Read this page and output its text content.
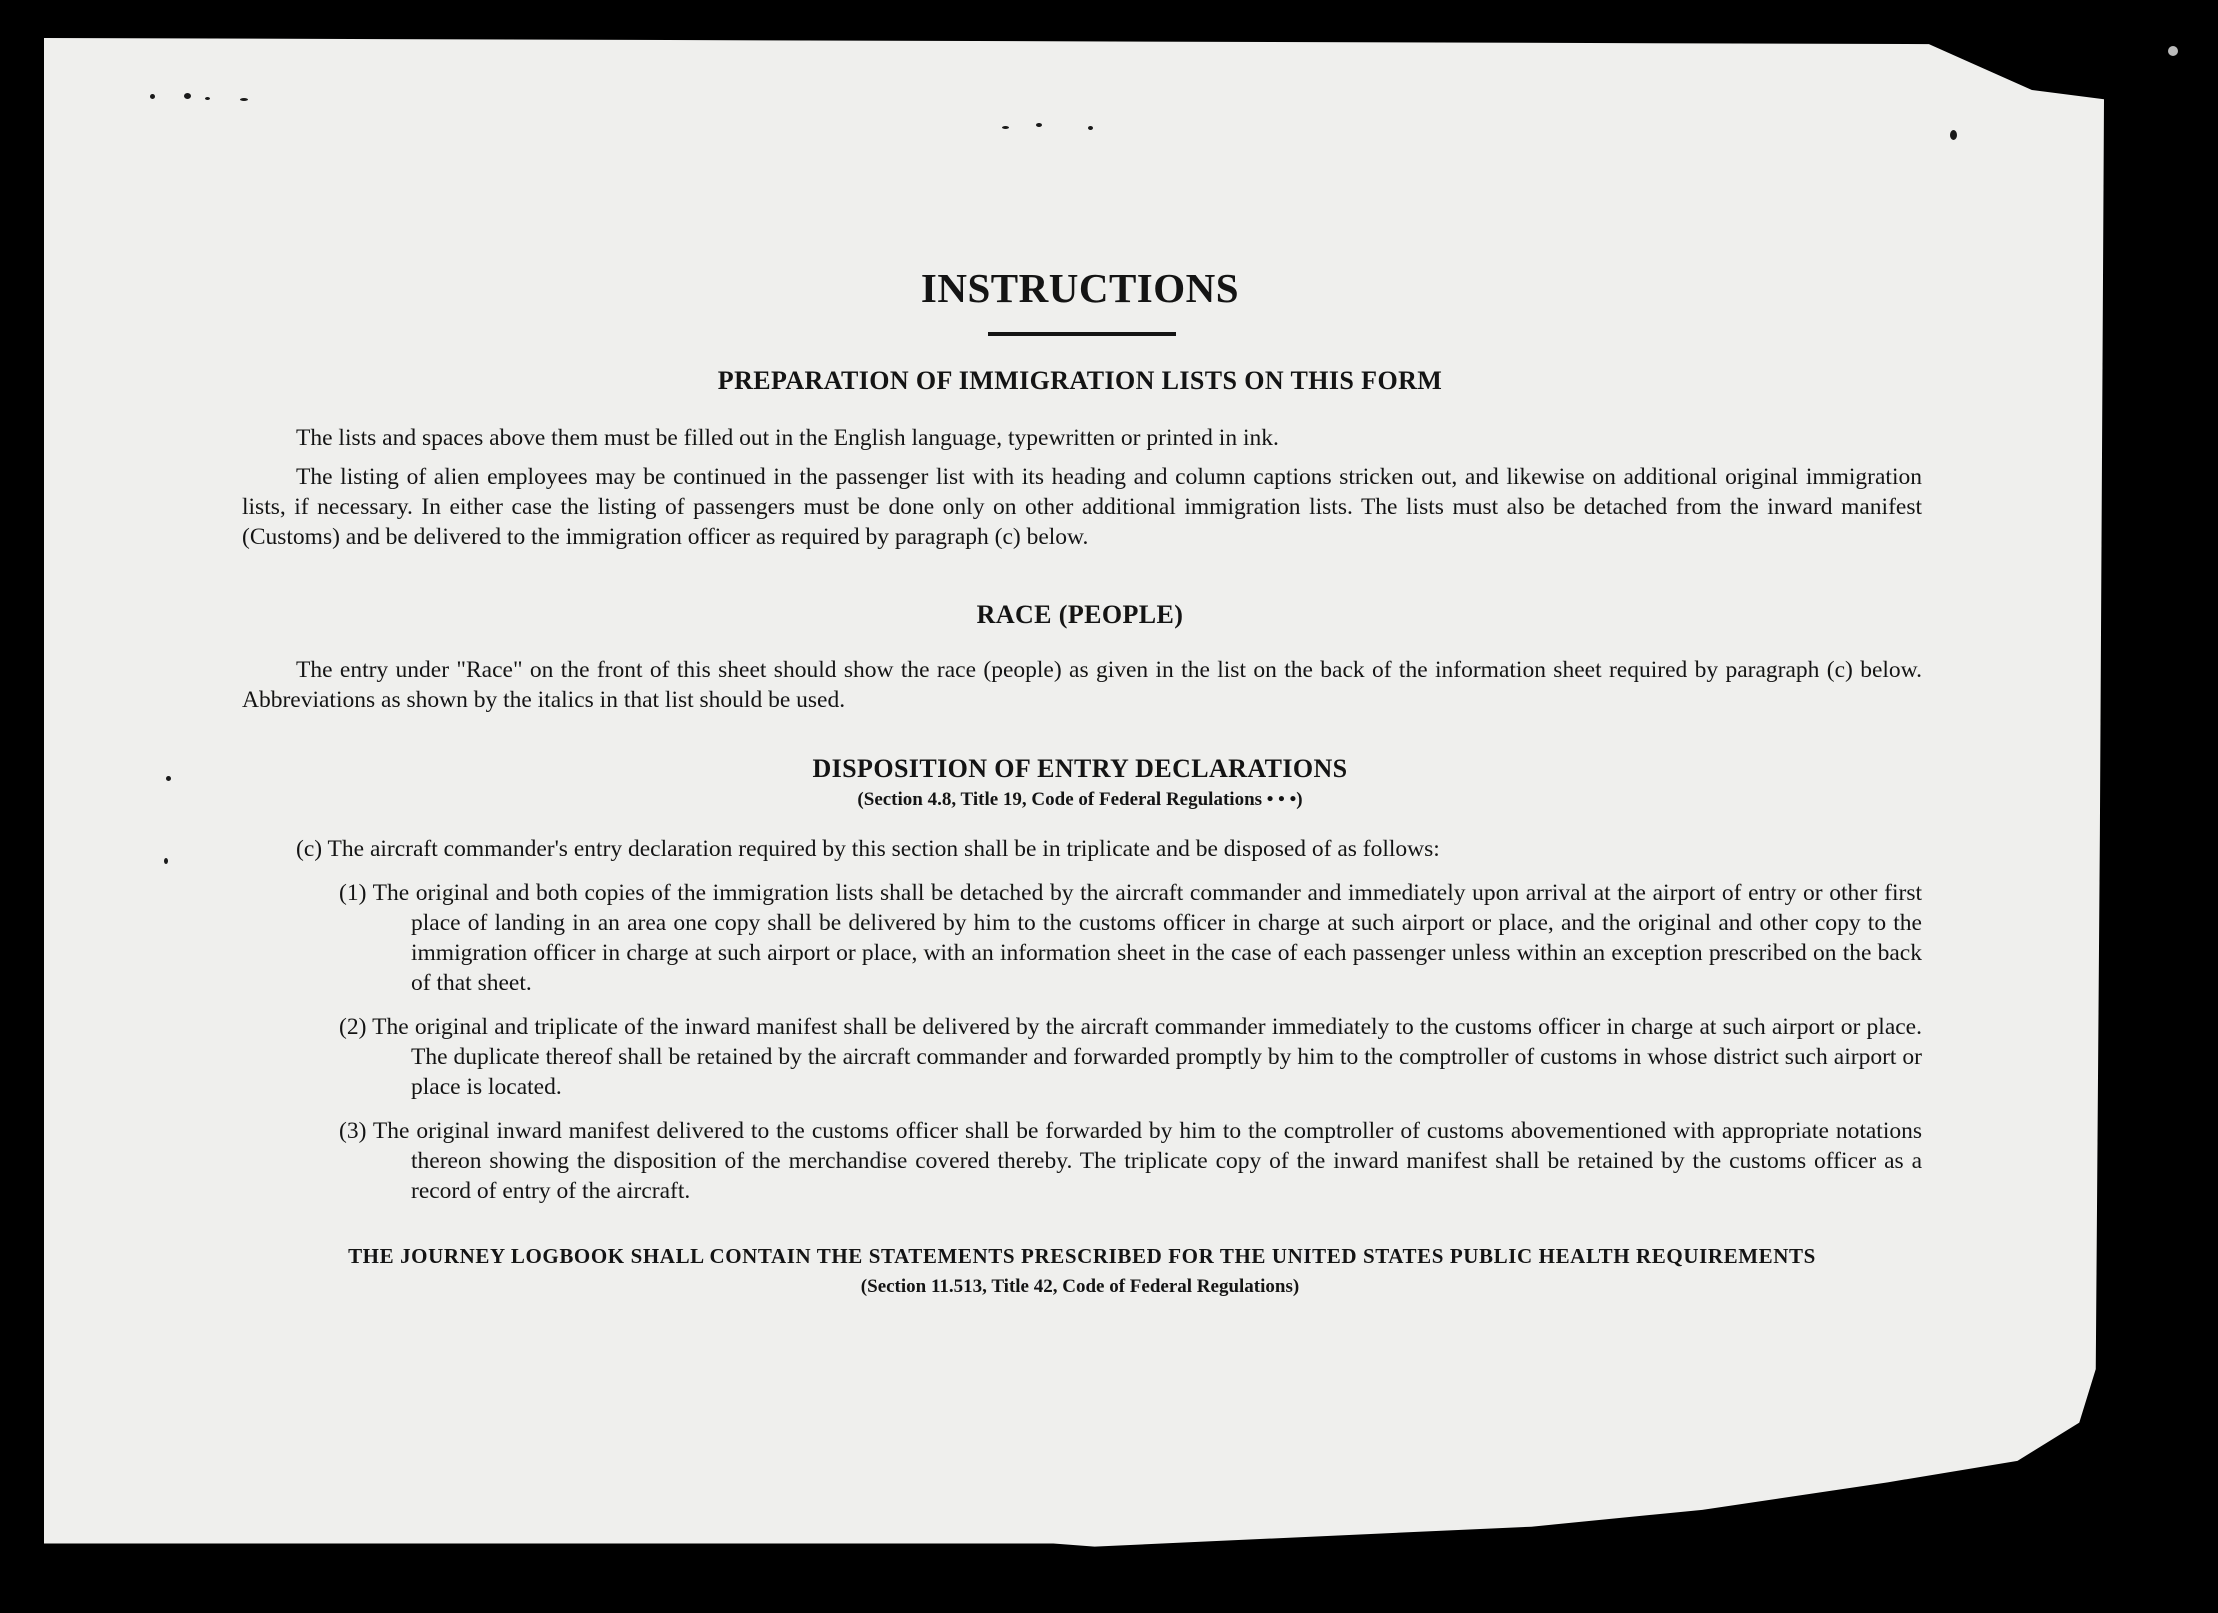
INSTRUCTIONS
PREPARATION OF IMMIGRATION LISTS ON THIS FORM

The lists and spaces above them must be filled out in the English language, typewritten or printed in ink.

The listing of alien employees may be continued in the passenger list with its heading and column captions stricken out, and likewise on additional original immigration lists, if necessary. In either case the listing of passengers must be done only on other additional immigration lists. The lists must also be detached from the inward manifest (Customs) and be delivered to the immigration officer as required by paragraph (c) below.

RACE (PEOPLE)

The entry under "Race" on the front of this sheet should show the race (people) as given in the list on the back of the information sheet required by paragraph (c) below. Abbreviations as shown by the italics in that list should be used.

DISPOSITION OF ENTRY DECLARATIONS

(Section 4.8, Title 19, Code of Federal Regulations • • •)

(c) The aircraft commander's entry declaration required by this section shall be in triplicate and be disposed of as follows:

(1) The original and both copies of the immigration lists shall be detached by the aircraft commander and immediately upon arrival at the airport of entry or other first place of landing in an area one copy shall be delivered by him to the customs officer in charge at such airport or place, and the original and other copy to the immigration officer in charge at such airport or place, with an information sheet in the case of each passenger unless within an exception prescribed on the back of that sheet.
(2) The original and triplicate of the inward manifest shall be delivered by the aircraft commander immediately to the customs officer in charge at such airport or place. The duplicate thereof shall be retained by the aircraft commander and forwarded promptly by him to the comptroller of customs in whose district such airport or place is located.
(3) The original inward manifest delivered to the customs officer shall be forwarded by him to the comptroller of customs abovementioned with appropriate notations thereon showing the disposition of the merchandise covered thereby. The triplicate copy of the inward manifest shall be retained by the customs officer as a record of entry of the aircraft.

THE JOURNEY LOGBOOK SHALL CONTAIN THE STATEMENTS PRESCRIBED FOR THE UNITED STATES PUBLIC HEALTH REQUIREMENTS

(Section 11.513, Title 42, Code of Federal Regulations)
